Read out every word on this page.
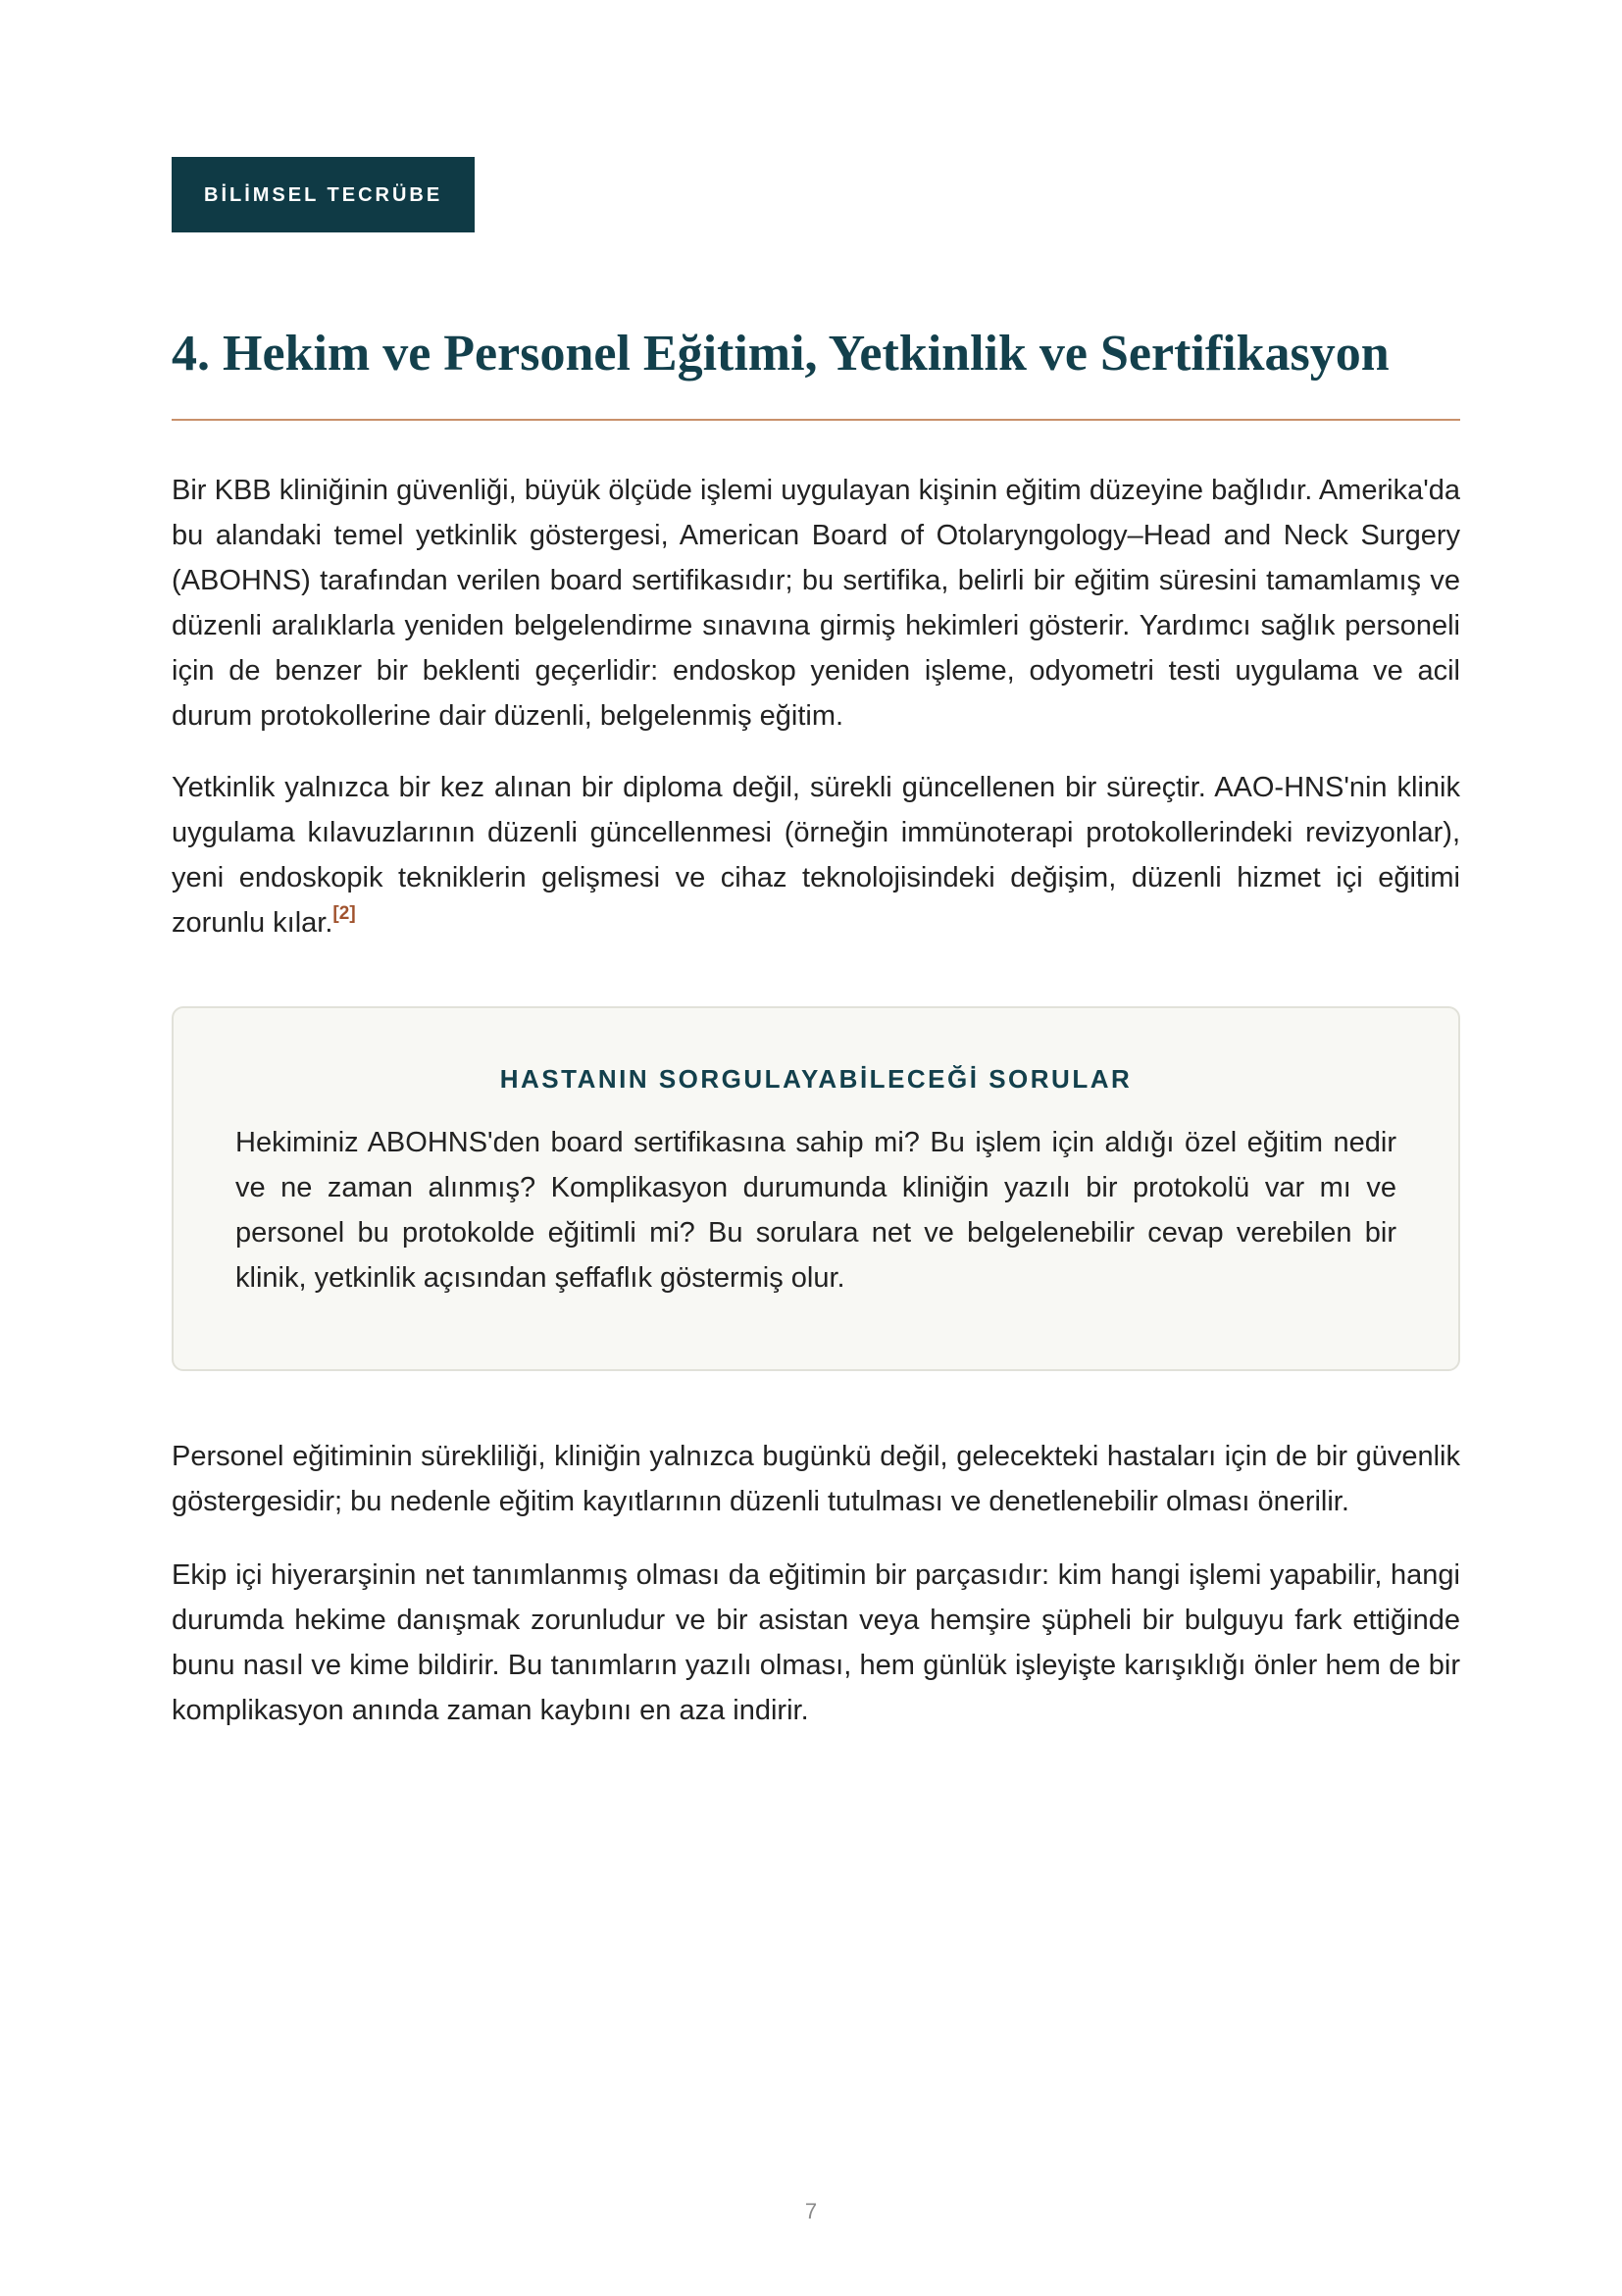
BİLİMSEL TECRÜBE
4. Hekim ve Personel Eğitimi, Yetkinlik ve Sertifikasyon

Bir KBB kliniğinin güvenliği, büyük ölçüde işlemi uygulayan kişinin eğitim düzeyine bağlıdır. Amerika'da bu alandaki temel yetkinlik göstergesi, American Board of Otolaryngology–Head and Neck Surgery (ABOHNS) tarafından verilen board sertifikasıdır; bu sertifika, belirli bir eğitim süresini tamamlamış ve düzenli aralıklarla yeniden belgelendirme sınavına girmiş hekimleri gösterir. Yardımcı sağlık personeli için de benzer bir beklenti geçerlidir: endoskop yeniden işleme, odyometri testi uygulama ve acil durum protokollerine dair düzenli, belgelenmiş eğitim.

Yetkinlik yalnızca bir kez alınan bir diploma değil, sürekli güncellenen bir süreçtir. AAO-HNS'nin klinik uygulama kılavuzlarının düzenli güncellenmesi (örneğin immünoterapi protokollerindeki revizyonlar), yeni endoskopik tekniklerin gelişmesi ve cihaz teknolojisindeki değişim, düzenli hizmet içi eğitimi zorunlu kılar.[2]

HASTANIN SORGULAYABİLECEĞİ SORULAR

Hekiminiz ABOHNS'den board sertifikasına sahip mi? Bu işlem için aldığı özel eğitim nedir ve ne zaman alınmış? Komplikasyon durumunda kliniğin yazılı bir protokolü var mı ve personel bu protokolde eğitimli mi? Bu sorulara net ve belgelenebilir cevap verebilen bir klinik, yetkinlik açısından şeffaflık göstermiş olur.

Personel eğitiminin sürekliliği, kliniğin yalnızca bugünkü değil, gelecekteki hastaları için de bir güvenlik göstergesidir; bu nedenle eğitim kayıtlarının düzenli tutulması ve denetlenebilir olması önerilir.

Ekip içi hiyerarşinin net tanımlanmış olması da eğitimin bir parçasıdır: kim hangi işlemi yapabilir, hangi durumda hekime danışmak zorunludur ve bir asistan veya hemşire şüpheli bir bulguyu fark ettiğinde bunu nasıl ve kime bildirir. Bu tanımların yazılı olması, hem günlük işleyişte karışıklığı önler hem de bir komplikasyon anında zaman kaybını en aza indirir.

7
